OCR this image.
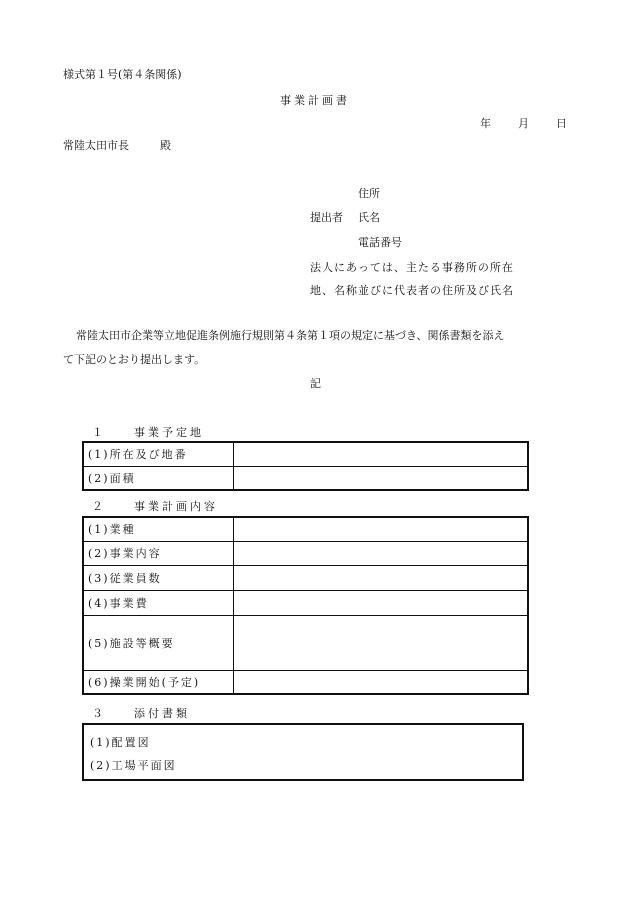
様式第１号(第４条関係)
事業計画書
年 月 日
常陸太田市長	殿
住所
提出者 氏名
電話番号
法人にあっては、主たる事務所の所在
地、名称並びに代表者の住所及び氏名
常陸太田市企業等立地促進条例施行規則第４条第１項の規定に基づき、関係書類を添え
て下記のとおり提出します。
記
１　　事業予定地
(1)所在及び地番	
(2)面積	
２　　事業計画内容
(1)業種	
(2)事業内容	
(3)従業員数	
(4)事業費	
(5)施設等概要	
(6)操業開始(予定)	
３　　添付書類
(1)配置図
(2)工場平面図
